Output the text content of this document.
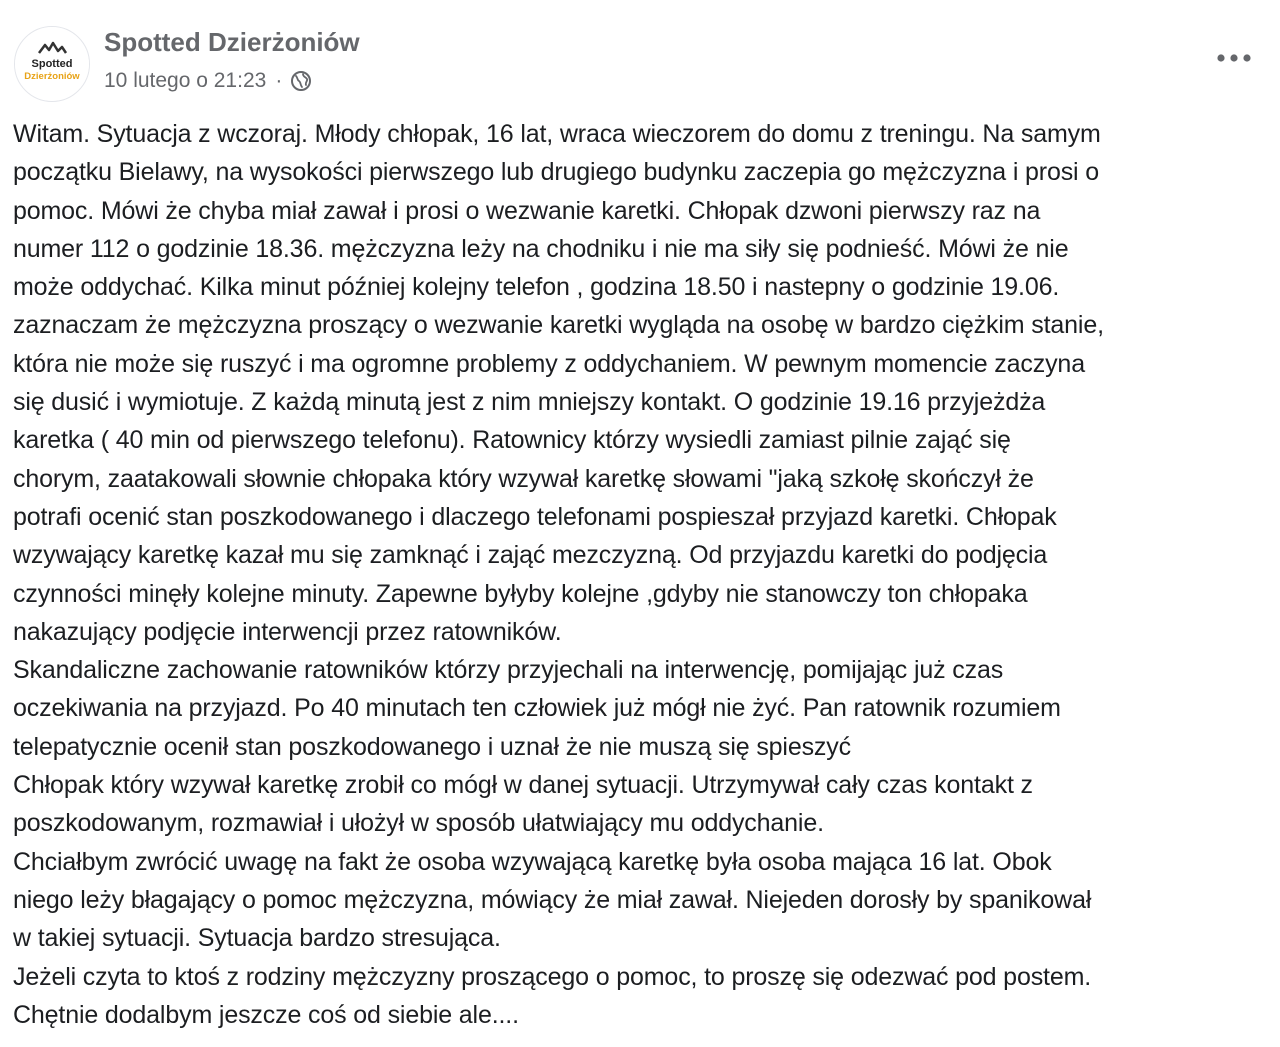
Spotted
Dzierżoniów
Spotted Dzierżoniów
10 lutego o 21:23 ·
Witam. Sytuacja z wczoraj. Młody chłopak, 16 lat, wraca wieczorem do domu z treningu. Na samym
początku Bielawy, na wysokości pierwszego lub drugiego budynku zaczepia go mężczyzna i prosi o
pomoc. Mówi że chyba miał zawał i prosi o wezwanie karetki. Chłopak dzwoni pierwszy raz na
numer 112 o godzinie 18.36. mężczyzna leży na chodniku i nie ma siły się podnieść. Mówi że nie
może oddychać. Kilka minut później kolejny telefon , godzina 18.50 i nastepny o godzinie 19.06.
zaznaczam że mężczyzna proszący o wezwanie karetki wygląda na osobę w bardzo ciężkim stanie,
która nie może się ruszyć i ma ogromne problemy z oddychaniem. W pewnym momencie zaczyna
się dusić i wymiotuje. Z każdą minutą jest z nim mniejszy kontakt. O godzinie 19.16 przyjeżdża
karetka ( 40 min od pierwszego telefonu). Ratownicy którzy wysiedli zamiast pilnie zająć się
chorym, zaatakowali słownie chłopaka który wzywał karetkę słowami "jaką szkołę skończył że
potrafi ocenić stan poszkodowanego i dlaczego telefonami pospieszał przyjazd karetki. Chłopak
wzywający karetkę kazał mu się zamknąć i zająć mezczyzną. Od przyjazdu karetki do podjęcia
czynności minęły kolejne minuty. Zapewne byłyby kolejne ,gdyby nie stanowczy ton chłopaka
nakazujący podjęcie interwencji przez ratowników.
Skandaliczne zachowanie ratowników którzy przyjechali na interwencję, pomijając już czas
oczekiwania na przyjazd. Po 40 minutach ten człowiek już mógł nie żyć. Pan ratownik rozumiem
telepatycznie ocenił stan poszkodowanego i uznał że nie muszą się spieszyć
Chłopak który wzywał karetkę zrobił co mógł w danej sytuacji. Utrzymywał cały czas kontakt z
poszkodowanym, rozmawiał i ułożył w sposób ułatwiający mu oddychanie.
Chciałbym zwrócić uwagę na fakt że osoba wzywającą karetkę była osoba mająca 16 lat. Obok
niego leży błagający o pomoc mężczyzna, mówiący że miał zawał. Niejeden dorosły by spanikował
w takiej sytuacji. Sytuacja bardzo stresująca.
Jeżeli czyta to ktoś z rodziny mężczyzny proszącego o pomoc, to proszę się odezwać pod postem.
Chętnie dodalbym jeszcze coś od siebie ale....
